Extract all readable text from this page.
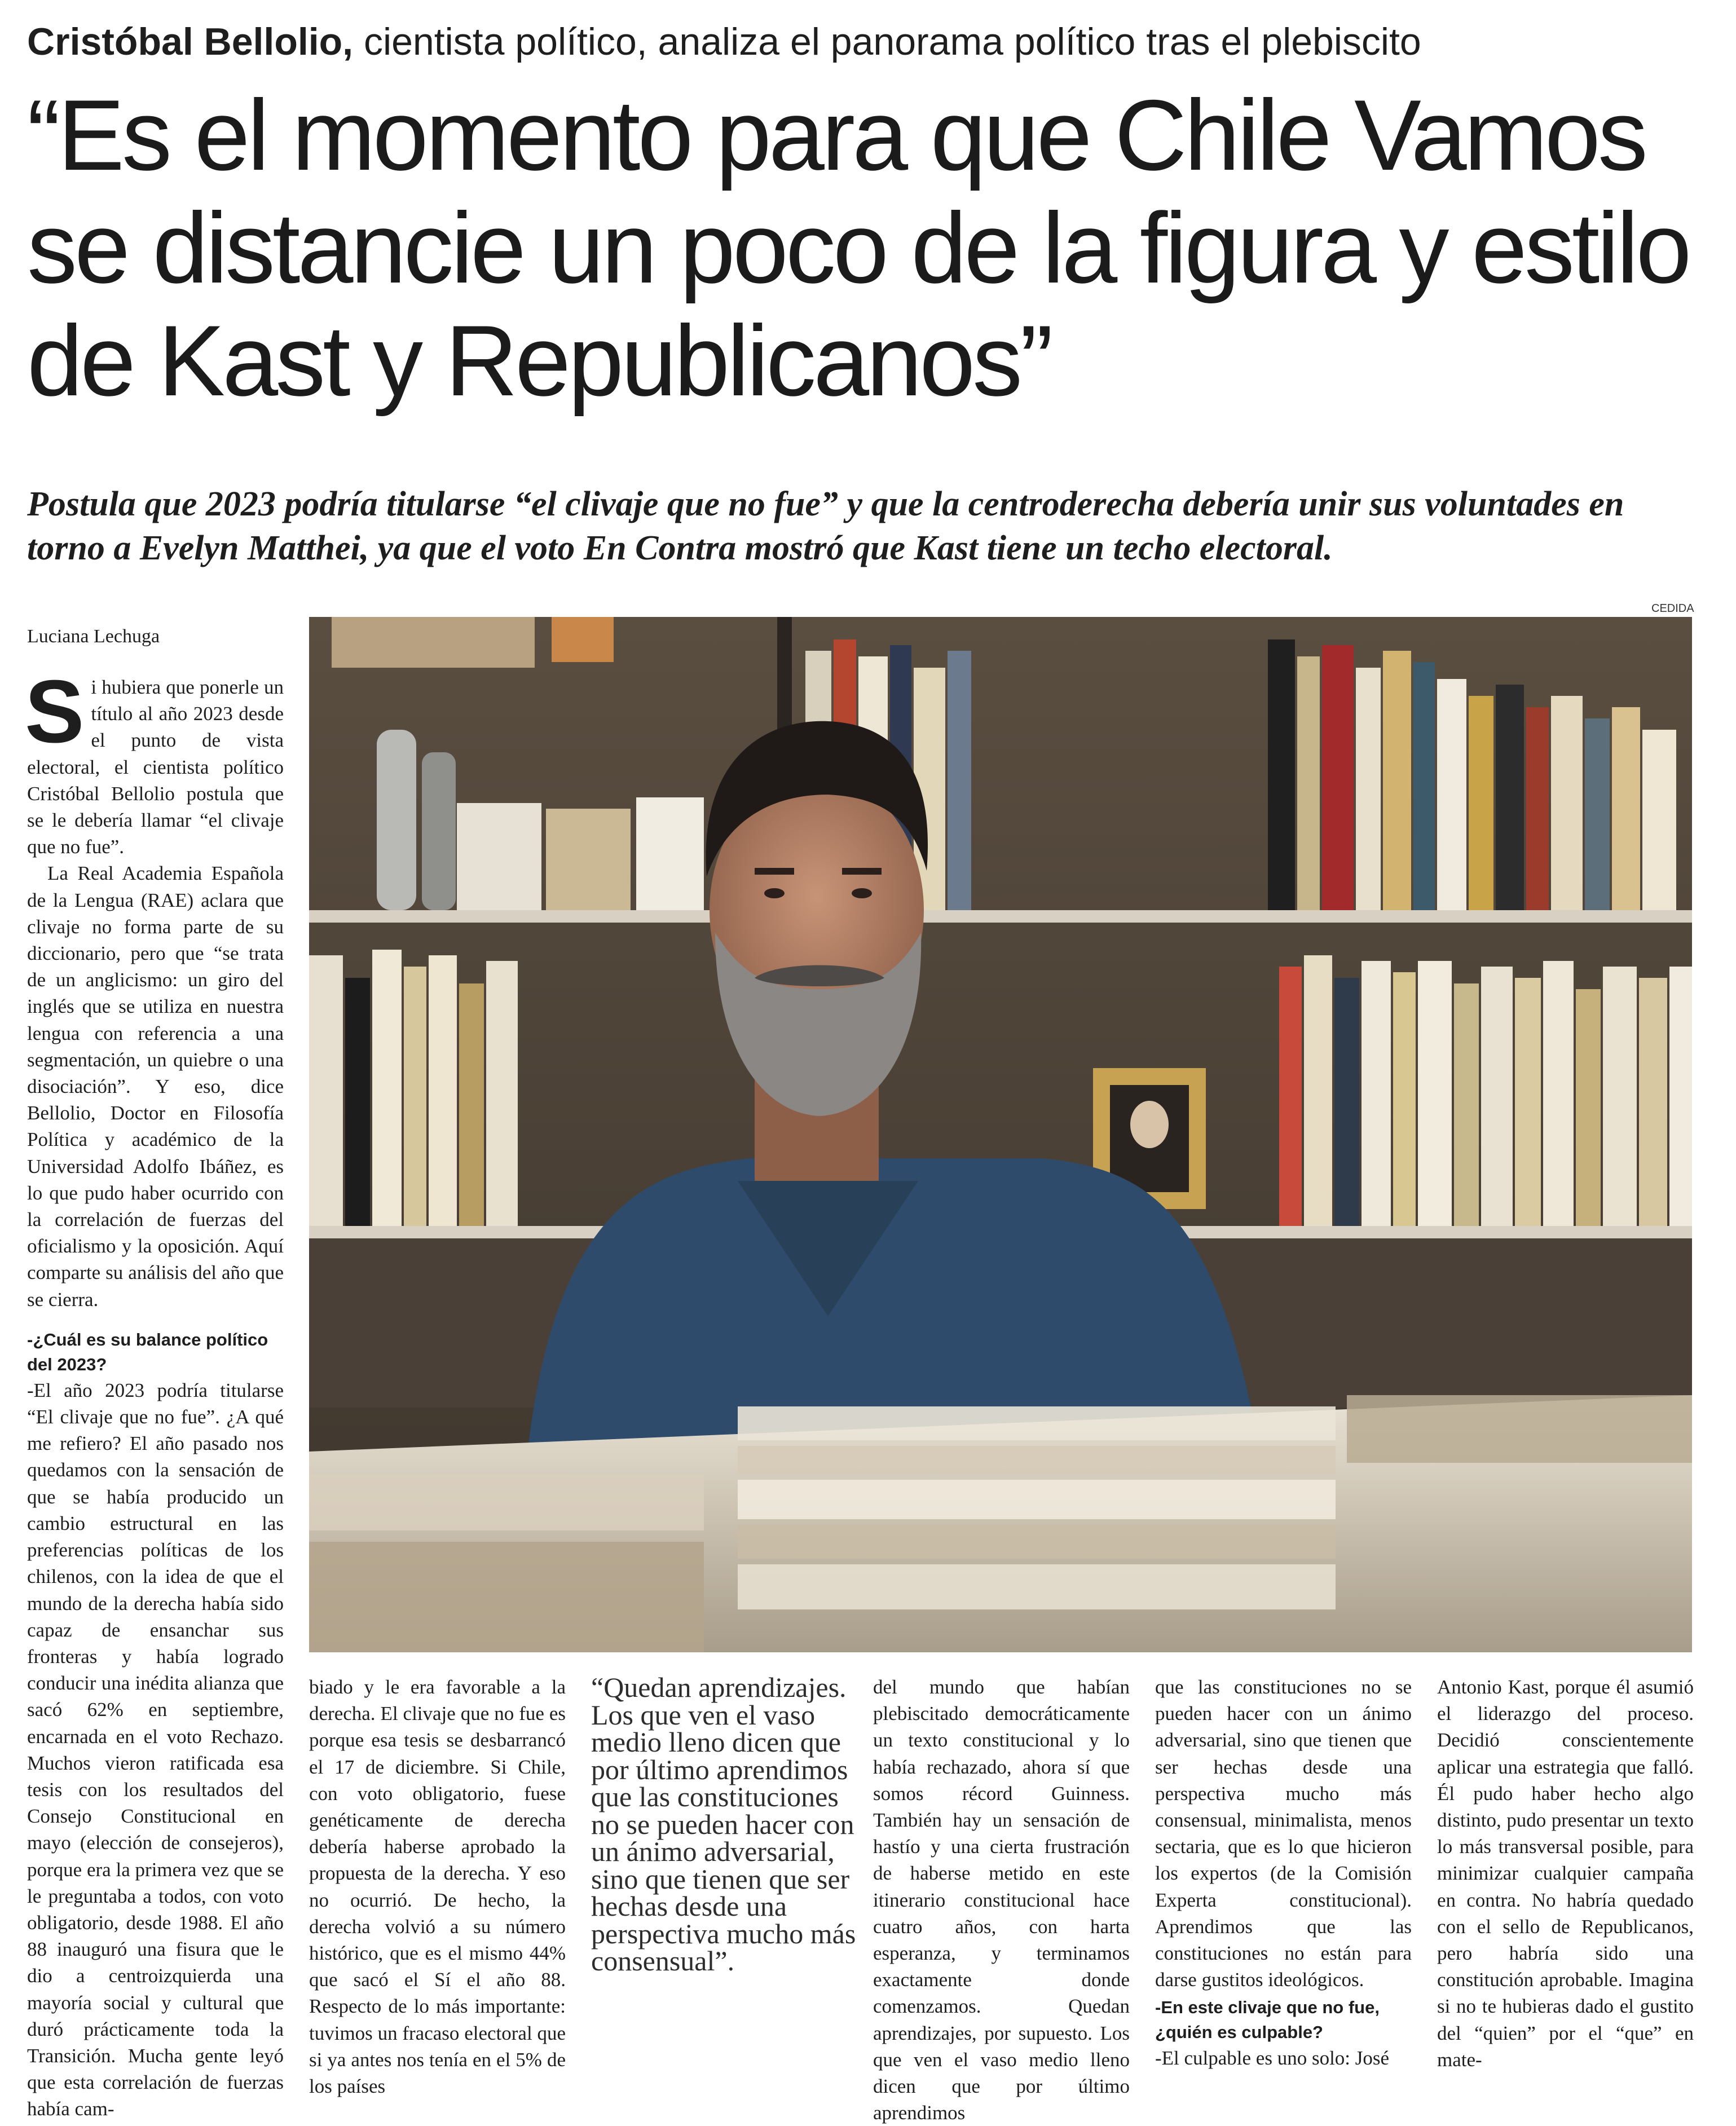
Cristóbal Bellolio, cientista político, analiza el panorama político tras el plebiscito
“Es el momento para que Chile Vamos
se distancie un poco de la figura y estilo
de Kast y Republicanos”

Postula que 2023 podría titularse “el clivaje que no fue” y que la centroderecha debería unir sus voluntades en torno a Evelyn Matthei, ya que el voto En Contra mostró que Kast tiene un techo electoral.

CEDIDA
Luciana Lechuga

Si hubiera que ponerle un título al año 2023 desde el punto de vista electoral, el cientista político Cristóbal Bellolio postula que se le debería llamar “el clivaje que no fue”.

La Real Academia Española de la Lengua (RAE) aclara que clivaje no forma parte de su diccionario, pero que “se trata de un anglicismo: un giro del inglés que se utiliza en nuestra lengua con referencia a una segmentación, un quiebre o una disociación”. Y eso, dice Bellolio, Doctor en Filosofía Política y académico de la Universidad Adolfo Ibáñez, es lo que pudo haber ocurrido con la correlación de fuerzas del oficialismo y la oposición. Aquí comparte su análisis del año que se cierra.

-¿Cuál es su balance político del 2023?

-El año 2023 podría titularse “El clivaje que no fue”. ¿A qué me refiero? El año pasado nos quedamos con la sensación de que se había producido un cambio estructural en las preferencias políticas de los chilenos, con la idea de que el mundo de la derecha había sido capaz de ensanchar sus fronteras y había logrado conducir una inédita alianza que sacó 62% en septiembre, encarnada en el voto Rechazo. Muchos vieron ratificada esa tesis con los resultados del Consejo Constitucional en mayo (elección de consejeros), porque era la primera vez que se le preguntaba a todos, con voto obligatorio, desde 1988. El año 88 inauguró una fisura que le dio a centroizquierda una mayoría social y cultural que duró prácticamente toda la Transición. Mucha gente leyó que esta correlación de fuerzas había cam-

biado y le era favorable a la derecha. El clivaje que no fue es porque esa tesis se desbarrancó el 17 de diciembre. Si Chile, con voto obligatorio, fuese genéticamente de derecha debería haberse aprobado la propuesta de la derecha. Y eso no ocurrió. De hecho, la derecha volvió a su número histórico, que es el mismo 44% que sacó el Sí el año 88. Respecto de lo más importante: tuvimos un fracaso electoral que si ya antes nos tenía en el 5% de los países

“Quedan aprendizajes. Los que ven el vaso medio lleno dicen que por último aprendimos que las constituciones no se pueden hacer con un ánimo adversarial, sino que tienen que ser hechas desde una perspectiva mucho más consensual”.

del mundo que habían plebiscitado democráticamente un texto constitucional y lo había rechazado, ahora sí que somos récord Guinness. También hay un sensación de hastío y una cierta frustración de haberse metido en este itinerario constitucional hace cuatro años, con harta esperanza, y terminamos exactamente donde comenzamos. Quedan aprendizajes, por supuesto. Los que ven el vaso medio lleno dicen que por último aprendimos

que las constituciones no se pueden hacer con un ánimo adversarial, sino que tienen que ser hechas desde una perspectiva mucho más consensual, minimalista, menos sectaria, que es lo que hicieron los expertos (de la Comisión Experta constitucional). Aprendimos que las constituciones no están para darse gustitos ideológicos.

-En este clivaje que no fue, ¿quién es culpable?

-El culpable es uno solo: José

Antonio Kast, porque él asumió el liderazgo del proceso. Decidió conscientemente aplicar una estrategia que falló. Él pudo haber hecho algo distinto, pudo presentar un texto lo más transversal posible, para minimizar cualquier campaña en contra. No habría quedado con el sello de Republicanos, pero habría sido una constitución aprobable. Imagina si no te hubieras dado el gustito del “quien” por el “que” en mate-
